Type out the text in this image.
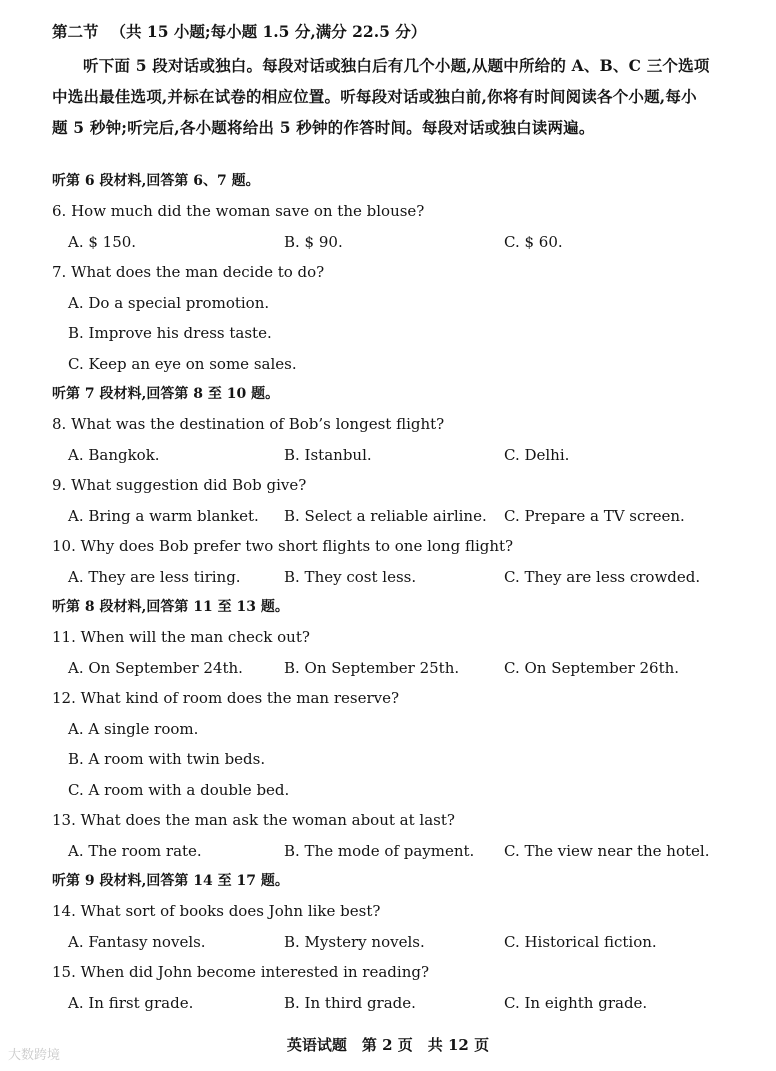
第二节 （共 15 小题;每小题 1.5 分,满分 22.5 分）
听下面 5 段对话或独白。每段对话或独白后有几个小题,从题中所给的 A、B、C 三个选项中选出最佳选项,并标在试卷的相应位置。听每段对话或独白前,你将有时间阅读各个小题,每小题 5 秒钟;听完后,各小题将给出 5 秒钟的作答时间。每段对话或独白读两遍。
听第 6 段材料,回答第 6、7 题。
6. How much did the woman save on the blouse?
A. $ 150.	B. $ 90.	C. $ 60.
7. What does the man decide to do?
A. Do a special promotion.
B. Improve his dress taste.
C. Keep an eye on some sales.
听第 7 段材料,回答第 8 至 10 题。
8. What was the destination of Bob’s longest flight?
A. Bangkok.	B. Istanbul.	C. Delhi.
9. What suggestion did Bob give?
A. Bring a warm blanket. B. Select a reliable airline. C. Prepare a TV screen.
10. Why does Bob prefer two short flights to one long flight?
A. They are less tiring.	B. They cost less.	C. They are less crowded.
听第 8 段材料,回答第 11 至 13 题。
11. When will the man check out?
A. On September 24th.	B. On September 25th.	C. On September 26th.
12. What kind of room does the man reserve?
A. A single room.
B. A room with twin beds.
C. A room with a double bed.
13. What does the man ask the woman about at last?
A. The room rate.	B. The mode of payment. C. The view near the hotel.
听第 9 段材料,回答第 14 至 17 题。
14. What sort of books does John like best?
A. Fantasy novels.	B. Mystery novels.	C. Historical fiction.
15. When did John become interested in reading?
A. In first grade.	B. In third grade.	C. In eighth grade.
英语试题　第 2 页　共 12 页
大数跨境
